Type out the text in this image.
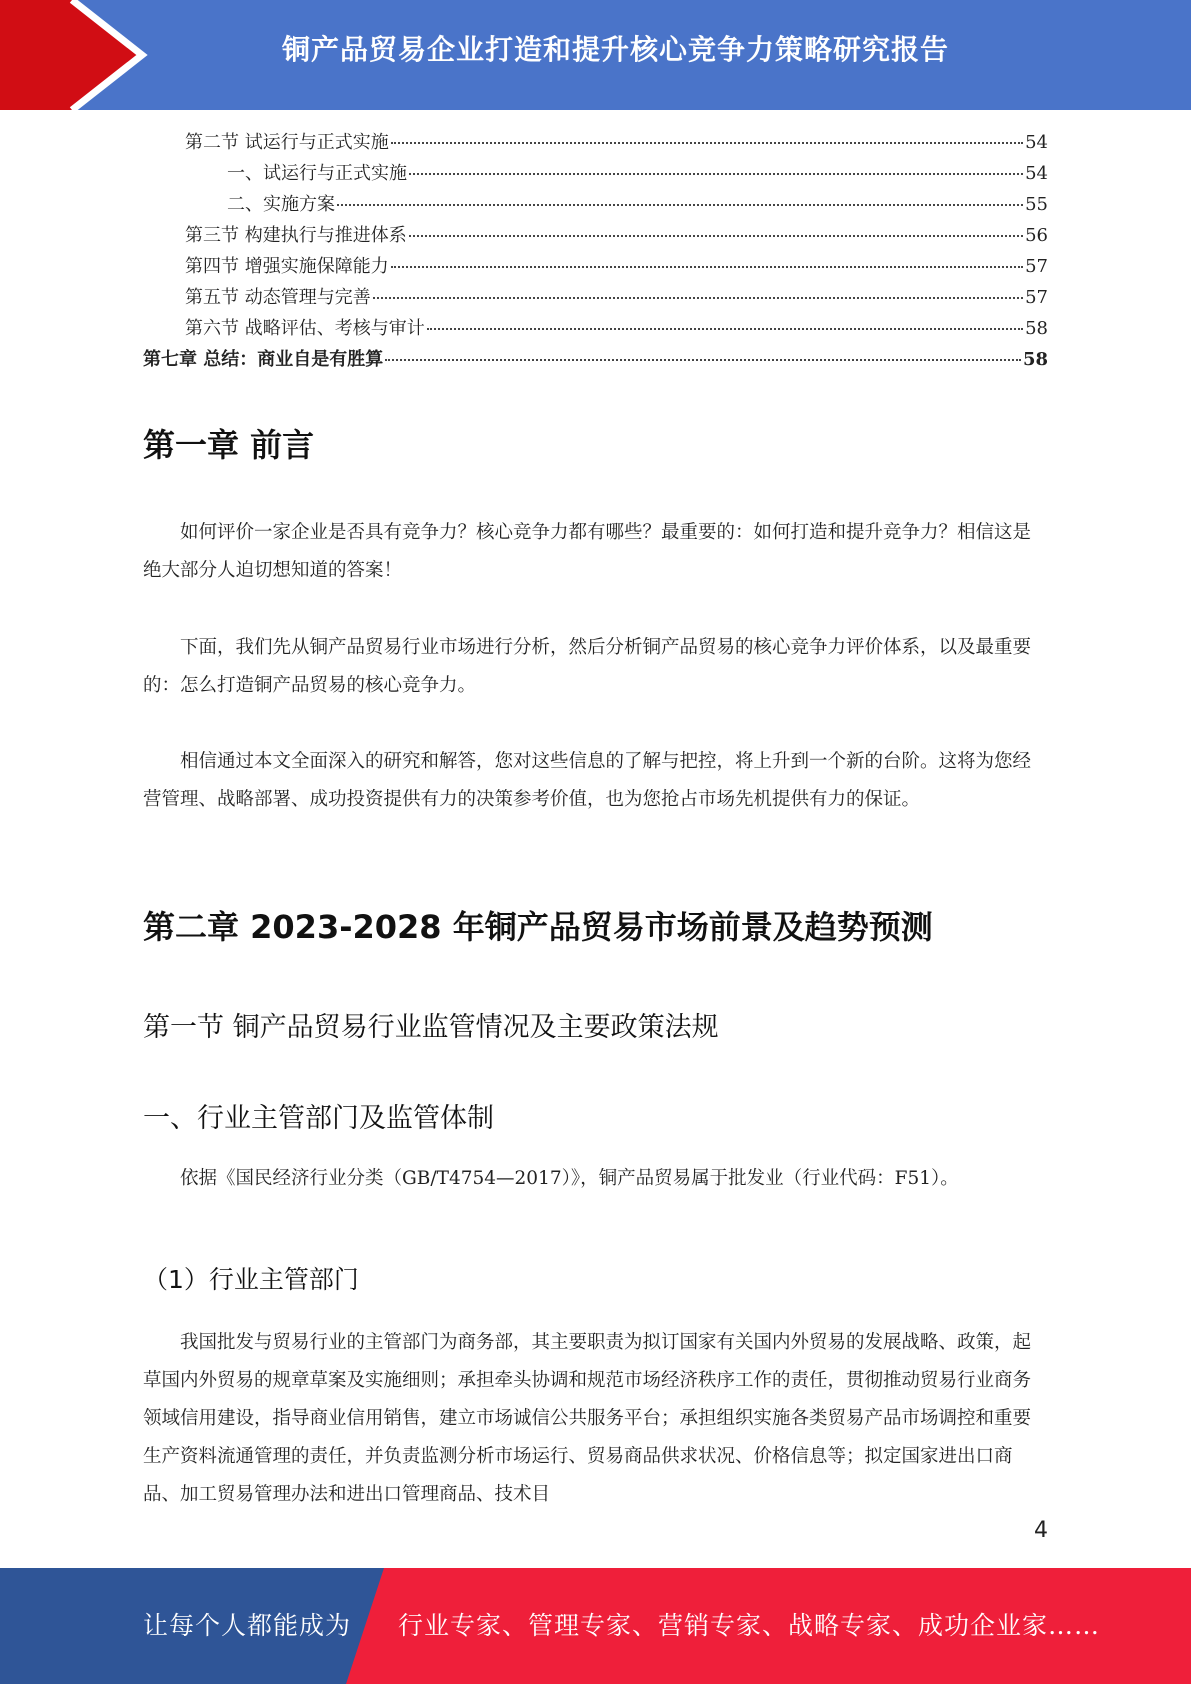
铜产品贸易企业打造和提升核心竞争力策略研究报告
第二节 试运行与正式实施	54
一、试运行与正式实施	54
二、实施方案	55
第三节 构建执行与推进体系	56
第四节 增强实施保障能力	57
第五节 动态管理与完善	57
第六节 战略评估、考核与审计	58
第七章 总结：商业自是有胜算	58
第一章 前言

如何评价一家企业是否具有竞争力？核心竞争力都有哪些？最重要的：如何打造和提升竞争力？相信这是绝大部分人迫切想知道的答案！

下面，我们先从铜产品贸易行业市场进行分析，然后分析铜产品贸易的核心竞争力评价体系，以及最重要的：怎么打造铜产品贸易的核心竞争力。

相信通过本文全面深入的研究和解答，您对这些信息的了解与把控，将上升到一个新的台阶。这将为您经营管理、战略部署、成功投资提供有力的决策参考价值，也为您抢占市场先机提供有力的保证。

第二章 2023-2028 年铜产品贸易市场前景及趋势预测
第一节 铜产品贸易行业监管情况及主要政策法规
一、行业主管部门及监管体制

依据《国民经济行业分类（GB/T4754—2017）》，铜产品贸易属于批发业（行业代码：F51）。

（1）行业主管部门

我国批发与贸易行业的主管部门为商务部，其主要职责为拟订国家有关国内外贸易的发展战略、政策，起草国内外贸易的规章草案及实施细则；承担牵头协调和规范市场经济秩序工作的责任，贯彻推动贸易行业商务领域信用建设，指导商业信用销售，建立市场诚信公共服务平台；承担组织实施各类贸易产品市场调控和重要生产资料流通管理的责任，并负责监测分析市场运行、贸易商品供求状况、价格信息等；拟定国家进出口商品、加工贸易管理办法和进出口管理商品、技术目

4
让每个人都能成为 行业专家、管理专家、营销专家、战略专家、成功企业家……
